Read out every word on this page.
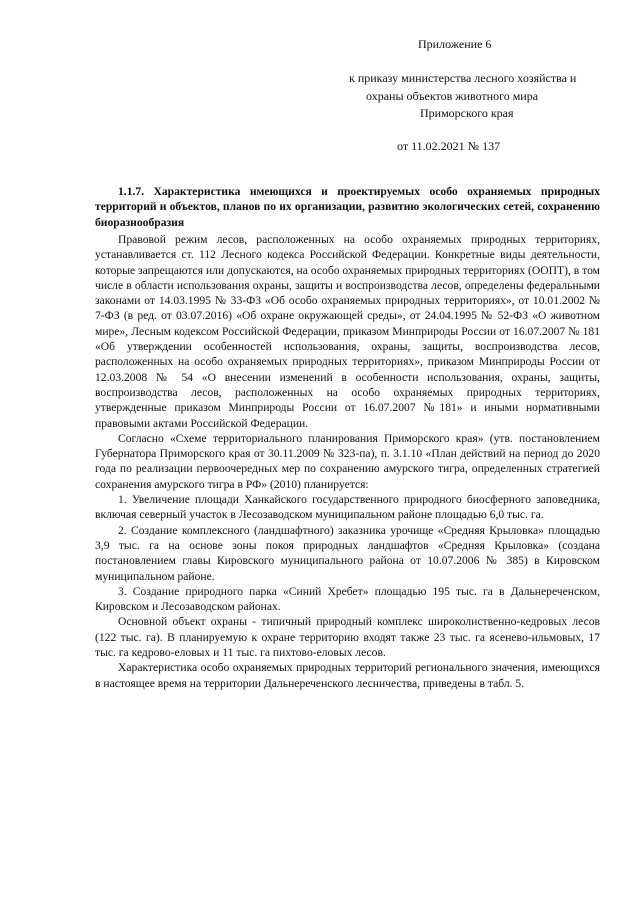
Приложение 6
к приказу министерства лесного хозяйства и
охраны объектов животного мира
Приморского края
от 11.02.2021 № 137
1.1.7. Характеристика имеющихся и проектируемых особо охраняемых природных территорий и объектов, планов по их организации, развитию экологических сетей, сохранению биоразнообразия

Правовой режим лесов, расположенных на особо охраняемых природных территориях, устанавливается ст. 112 Лесного кодекса Российской Федерации. Конкретные виды деятельности, которые запрещаются или допускаются, на особо охраняемых природных территориях (ООПТ), в том числе в области использования охраны, защиты и воспроизводства лесов, определены федеральными законами от 14.03.1995 № 33-ФЗ «Об особо охраняемых природных территориях», от 10.01.2002 № 7-ФЗ (в ред. от 03.07.2016) «Об охране окружающей среды», от 24.04.1995 № 52-ФЗ «О животном мире», Лесным кодексом Российской Федерации, приказом Минприроды России от 16.07.2007 № 181 «Об утверждении особенностей использования, охраны, защиты, воспроизводства лесов, расположенных на особо охраняемых природных территориях», приказом Минприроды России от 12.03.2008 № 54 «О внесении изменений в особенности использования, охраны, защиты, воспроизводства лесов, расположенных на особо охраняемых природных территориях, утвержденные приказом Минприроды России от 16.07.2007 №181» и иными нормативными правовыми актами Российской Федерации.

Согласно «Схеме территориального планирования Приморского края» (утв. постановлением Губернатора Приморского края от 30.11.2009 № 323-па), п. 3.1.10 «План действий на период до 2020 года по реализации первоочередных мер по сохранению амурского тигра, определенных стратегией сохранения амурского тигра в РФ» (2010) планируется:

1. Увеличение площади Ханкайского государственного природного биосферного заповедника, включая северный участок в Лесозаводском муниципальном районе площадью 6,0 тыс. га.

2. Создание комплексного (ландшафтного) заказника урочище «Средняя Крыловка» площадью 3,9 тыс. га на основе зоны покоя природных ландшафтов «Средняя Крыловка» (создана постановлением главы Кировского муниципального района от 10.07.2006 № 385) в Кировском муниципальном районе.

3. Создание природного парка «Синий Хребет» площадью 195 тыс. га в Дальнереченском, Кировском и Лесозаводском районах.

Основной объект охраны - типичный природный комплекс широколиственно-кедровых лесов (122 тыс. га). В планируемую к охране территорию входят также 23 тыс. га ясенево-ильмовых, 17 тыс. га кедрово-еловых и 11 тыс. га пихтово-еловых лесов.

Характеристика особо охраняемых природных территорий регионального значения, имеющихся в настоящее время на территории Дальнереченского лесничества, приведены в табл. 5.
